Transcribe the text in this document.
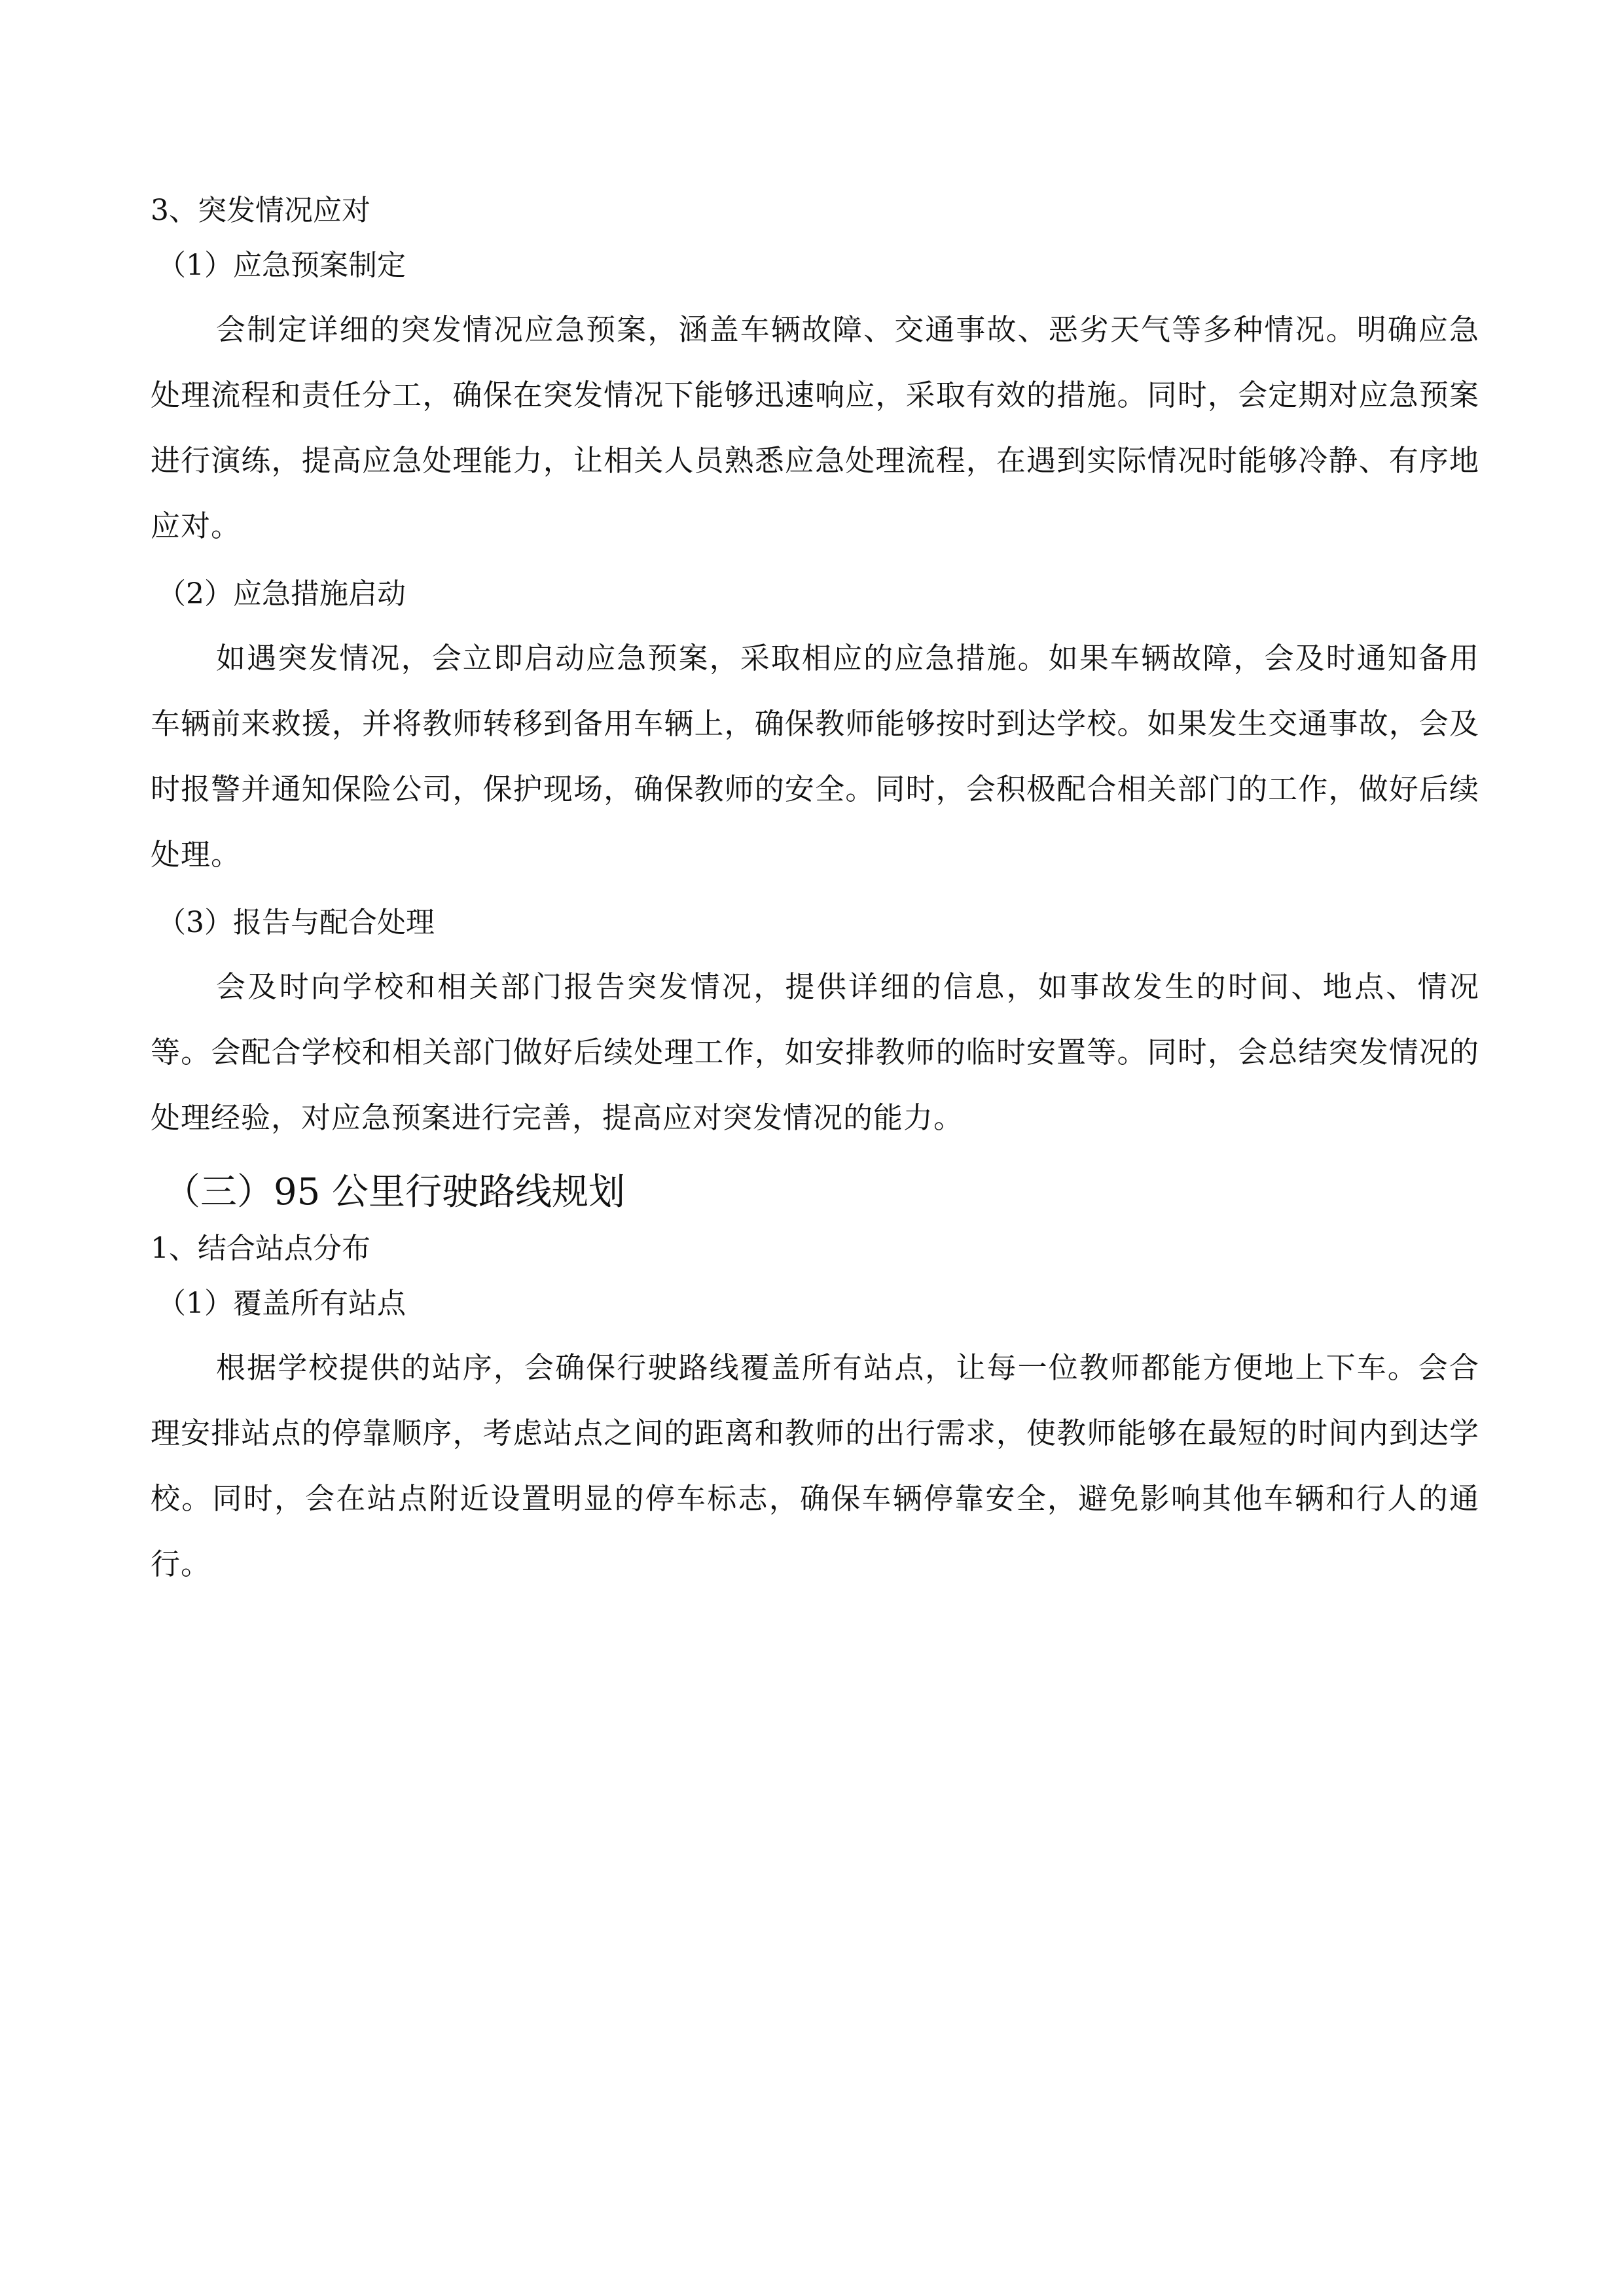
3、突发情况应对
（1）应急预案制定

会制定详细的突发情况应急预案，涵盖车辆故障、交通事故、恶劣天气等多种情况。明确应急处理流程和责任分工，确保在突发情况下能够迅速响应，采取有效的措施。同时，会定期对应急预案进行演练，提高应急处理能力，让相关人员熟悉应急处理流程，在遇到实际情况时能够冷静、有序地应对。

（2）应急措施启动

如遇突发情况，会立即启动应急预案，采取相应的应急措施。如果车辆故障，会及时通知备用车辆前来救援，并将教师转移到备用车辆上，确保教师能够按时到达学校。如果发生交通事故，会及时报警并通知保险公司，保护现场，确保教师的安全。同时，会积极配合相关部门的工作，做好后续处理。

（3）报告与配合处理

会及时向学校和相关部门报告突发情况，提供详细的信息，如事故发生的时间、地点、情况等。会配合学校和相关部门做好后续处理工作，如安排教师的临时安置等。同时，会总结突发情况的处理经验，对应急预案进行完善，提高应对突发情况的能力。

（三）95 公里行驶路线规划
1、结合站点分布
（1）覆盖所有站点

根据学校提供的站序，会确保行驶路线覆盖所有站点，让每一位教师都能方便地上下车。会合理安排站点的停靠顺序，考虑站点之间的距离和教师的出行需求，使教师能够在最短的时间内到达学校。同时，会在站点附近设置明显的停车标志，确保车辆停靠安全，避免影响其他车辆和行人的通行。
